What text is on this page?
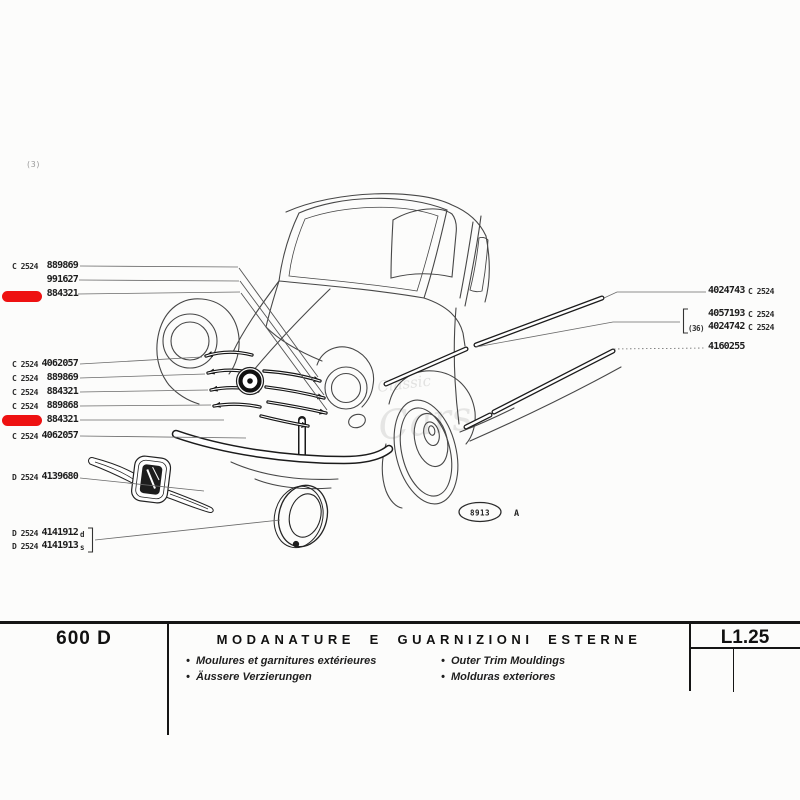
Classic
Cars
8913	A
(3)
C 2524 889869
991627
884321
C 2524 4062057
C 2524 889869
C 2524 884321
C 2524 889868
884321
C 2524 4062057
D 2524 4139680
D 2524 4141912 d
D 2524 4141913 s
4024743 C 2524
4057193 C 2524
(36) 4024742 C 2524
4160255
600 D	MODANATURE E GUARNIZIONI ESTERNE	L1.25
• Moulures et garnitures extérieures
• Äussere Verzierungen
• Outer Trim Mouldings
• Molduras exteriores
